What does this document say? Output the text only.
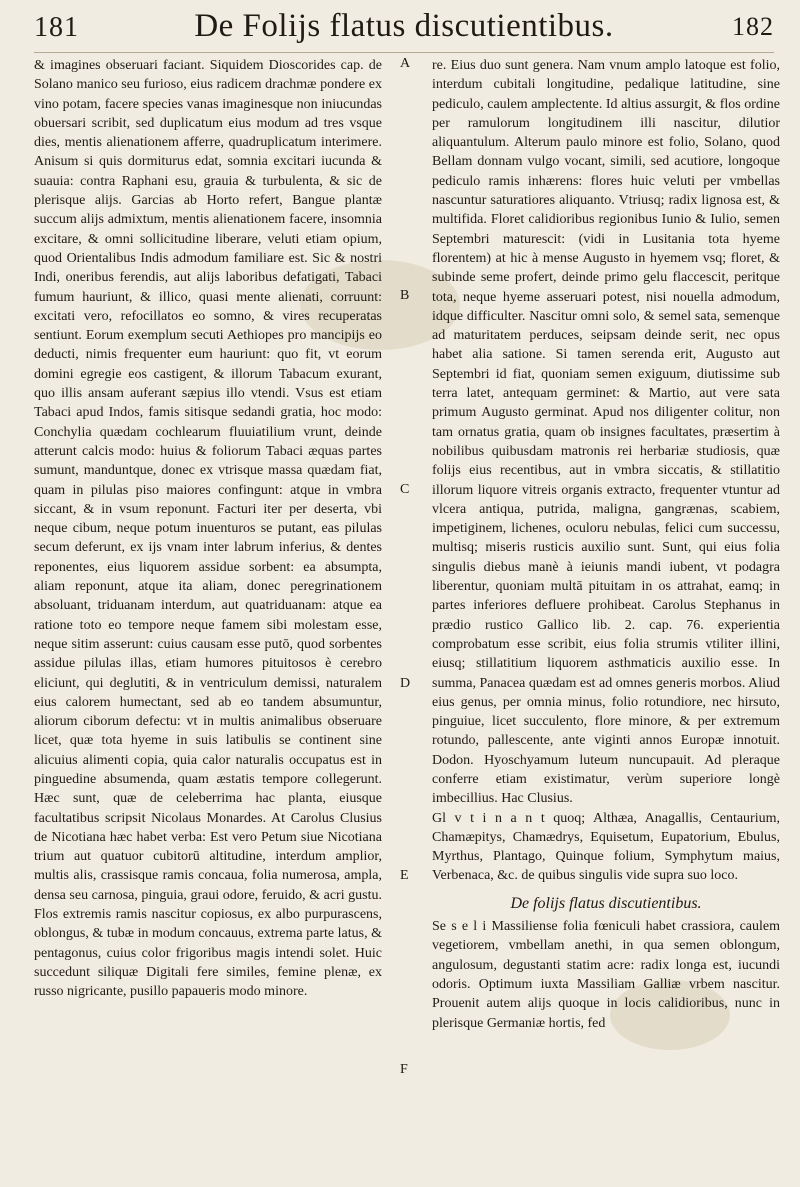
181	De Folijs flatus discutientibus.	182

& imagines obseruari faciant. Siquidem Dioscorides cap. de Solano manico seu furioso, eius radicem drachmæ pondere ex vino potam, facere species vanas imaginesque non iniucundas obuersari scribit, sed duplicatum eius modum ad tres vsque dies, mentis alienationem afferre, quadruplicatum interimere. Anisum si quis dormiturus edat, somnia excitari iucunda & suauia: contra Raphani esu, grauia & turbulenta, & sic de plerisque alijs. Garcias ab Horto refert, Bangue plantæ succum alijs admixtum, mentis alienationem facere, insomnia excitare, & omni sollicitudine liberare, veluti etiam opium, quod Orientalibus Indis admodum familiare est. Sic & nostri Indi, oneribus ferendis, aut alijs laboribus defatigati, Tabaci fumum hauriunt, & illico, quasi mente alienati, corruunt: excitati vero, refocillatos eo somno, & vires recuperatas sentiunt. Eorum exemplum secuti Aethiopes pro mancipijs eo deducti, nimis frequenter eum hauriunt: quo fit, vt eorum domini egregie eos castigent, & illorum Tabacum exurant, quo illis ansam auferant sæpius illo vtendi. Vsus est etiam Tabaci apud Indos, famis sitisque sedandi gratia, hoc modo: Conchylia quædam cochlearum fluuiatilium vrunt, deinde atterunt calcis modo: huius & foliorum Tabaci æquas partes sumunt, manduntque, donec ex vtrisque massa quædam fiat, quam in pilulas piso maiores confingunt: atque in vmbra siccant, & in vsum reponunt. Facturi iter per deserta, vbi neque cibum, neque potum inuenturos se putant, eas pilulas secum deferunt, ex ijs vnam inter labrum inferius, & dentes reponentes, eius liquorem assidue sorbent: ea absumpta, aliam reponunt, atque ita aliam, donec peregrinationem absoluant, triduanam interdum, aut quatriduanam: atque ea ratione toto eo tempore neque famem sibi molestam esse, neque sitim asserunt: cuius causam esse putō, quod sorbentes assidue pilulas illas, etiam humores pituitosos è cerebro eliciunt, qui deglutiti, & in ventriculum demissi, naturalem eius calorem humectant, sed ab eo tandem absumuntur, aliorum ciborum defectu: vt in multis animalibus obseruare licet, quæ tota hyeme in suis latibulis se continent sine alicuius alimenti copia, quia calor naturalis occupatus est in pinguedine absumenda, quam æstatis tempore collegerunt. Hæc sunt, quæ de celeberrima hac planta, eiusque facultatibus scripsit Nicolaus Monardes. At Carolus Clusius de Nicotiana hæc habet verba: Est vero Petum siue Nicotiana trium aut quatuor cubitorū altitudine, interdum amplior, multis alis, crassisque ramis concaua, folia numerosa, ampla, densa seu carnosa, pinguia, graui odore, feruido, & acri gustu. Flos extremis ramis nascitur copiosus, ex albo purpurascens, oblongus, & tubæ in modum concauus, extrema parte latus, & pentagonus, cuius color frigoribus magis intendi solet. Huic succedunt siliquæ Digitali fere similes, femine plenæ, ex russo nigricante, pusillo papaueris modo minore.

A
B
C
D
E
F

re. Eius duo sunt genera. Nam vnum amplo latoque est folio, interdum cubitali longitudine, pedalique latitudine, sine pediculo, caulem amplectente. Id altius assurgit, & flos ordine per ramulorum longitudinem illi nascitur, dilutior aliquantulum. Alterum paulo minore est folio, Solano, quod Bellam donnam vulgo vocant, simili, sed acutiore, longoque pediculo ramis inhærens: flores huic veluti per vmbellas nascuntur saturatiores aliquanto. Vtriusq; radix lignosa est, & multifida. Floret calidioribus regionibus Iunio & Iulio, semen Septembri maturescit: (vidi in Lusitania tota hyeme florentem) at hic à mense Augusto in hyemem vsq; floret, & subinde seme profert, deinde primo gelu flaccescit, peritque tota, neque hyeme asseruari potest, nisi nouella admodum, idque difficulter. Nascitur omni solo, & semel sata, semenque ad maturitatem perduces, seipsam deinde serit, nec opus habet alia satione. Si tamen serenda erit, Augusto aut Septembri id fiat, quoniam semen exiguum, diutissime sub terra latet, antequam germinet: & Martio, aut vere sata primum Augusto germinat. Apud nos diligenter colitur, non tam ornatus gratia, quam ob insignes facultates, præsertim à nobilibus quibusdam matronis rei herbariæ studiosis, quæ folijs eius recentibus, aut in vmbra siccatis, & stillatitio illorum liquore vitreis organis extracto, frequenter vtuntur ad vlcera antiqua, putrida, maligna, gangrænas, scabiem, impetiginem, lichenes, oculoru nebulas, felici cum successu, multisq; miseris rusticis auxilio sunt. Sunt, qui eius folia singulis diebus manè à ieiunis mandi iubent, vt podagra liberentur, quoniam multā pituitam in os attrahat, eamq; in partes inferiores defluere prohibeat. Carolus Stephanus in prædio rustico Gallico lib. 2. cap. 76. experientia comprobatum esse scribit, eius folia strumis vtiliter illini, eiusq; stillatitium liquorem asthmaticis auxilio esse. In summa, Panacea quædam est ad omnes generis morbos. Aliud eius genus, per omnia minus, folio rotundiore, nec hirsuto, pinguiue, licet succulento, flore minore, & per extremum rotundo, pallescente, ante viginti annos Europæ innotuit. Dodon. Hyoschyamum luteum nuncupauit. Ad pleraque conferre etiam existimatur, verùm superiore longè imbecillius. Hac Clusius.

Gl v t i n a n t quoq; Althæa, Anagallis, Centaurium, Chamæpitys, Chamædrys, Equisetum, Eupatorium, Ebulus, Myrthus, Plantago, Quinque folium, Symphytum maius, Verbenaca, &c. de quibus singulis vide supra suo loco.

De folijs flatus discutientibus.

Se s e l i Massiliense folia fœniculi habet crassiora, caulem vegetiorem, vmbellam anethi, in qua semen oblongum, angulosum, degustanti statim acre: radix longa est, iucundi odoris. Optimum iuxta Massiliam Galliæ vrbem nascitur. Prouenit autem alijs quoque in locis calidioribus, nunc in plerisque Germaniæ hortis, fed
